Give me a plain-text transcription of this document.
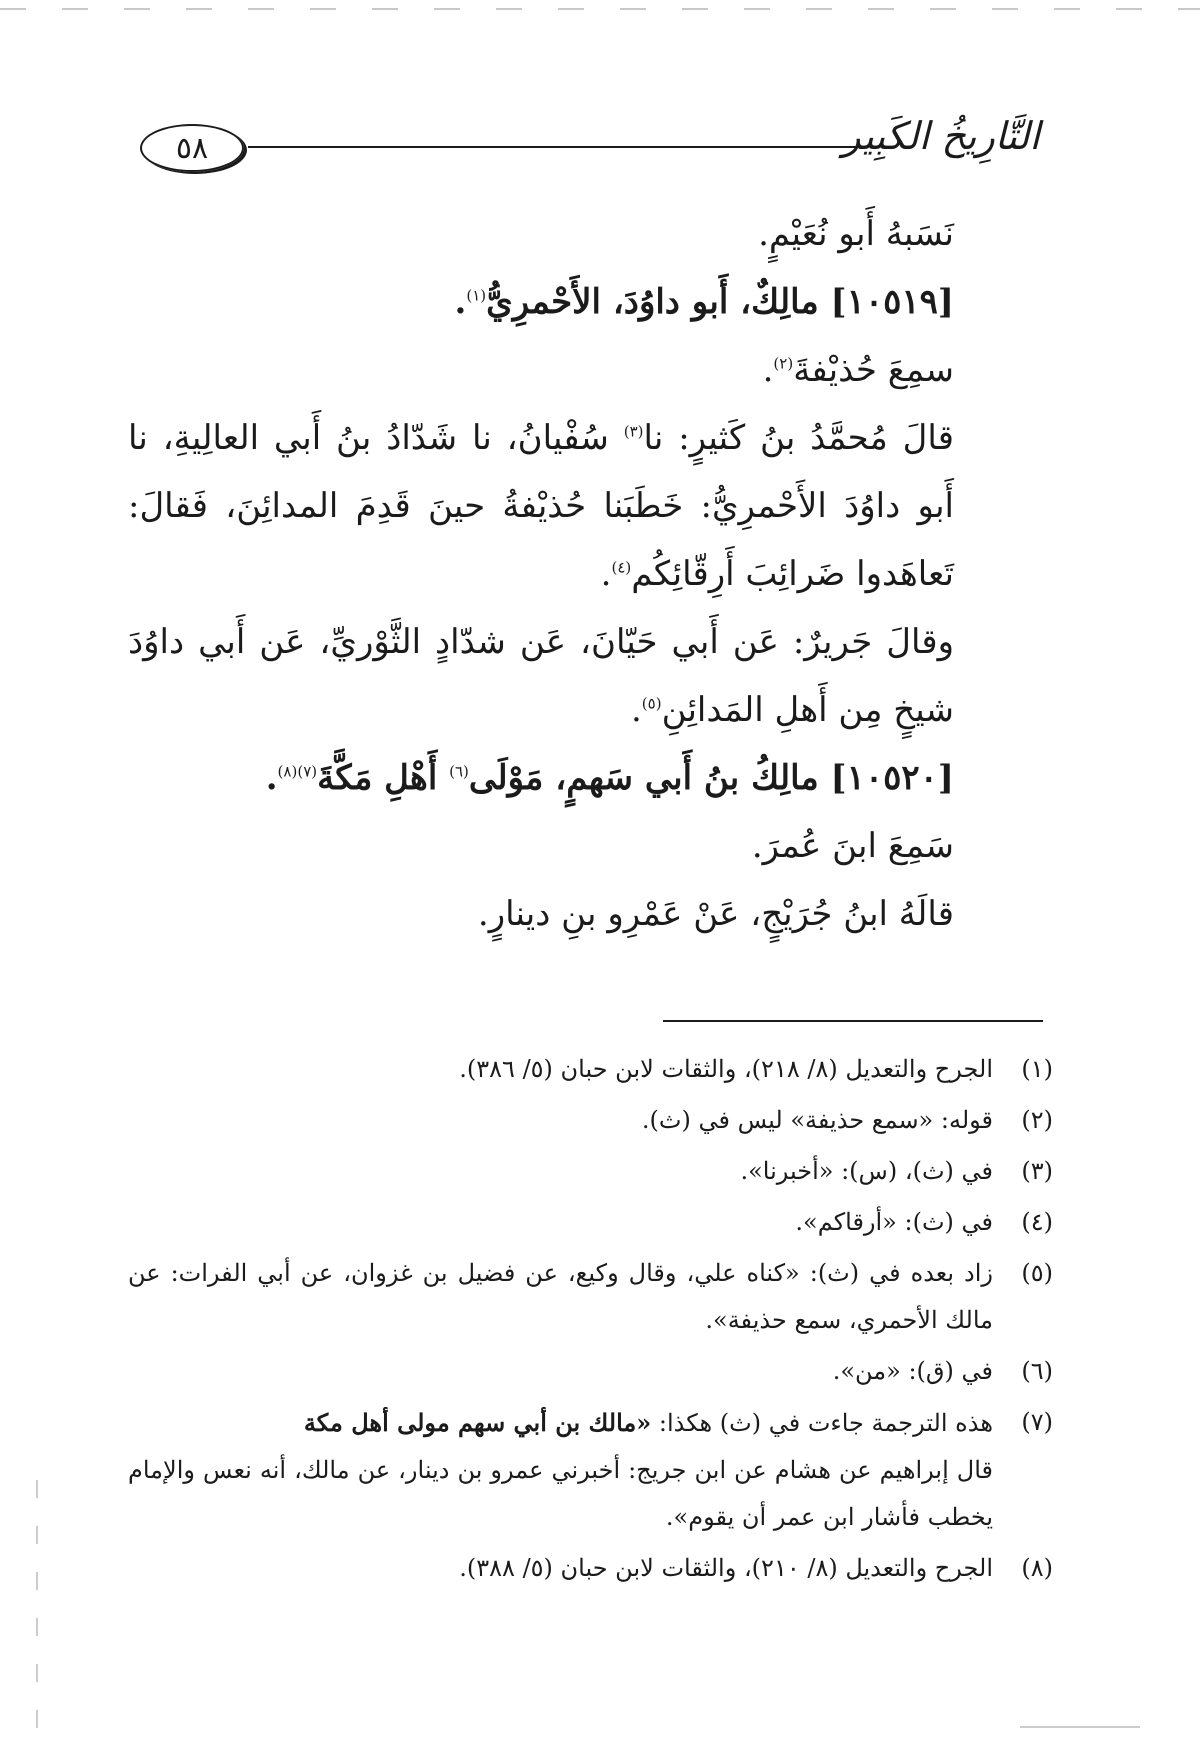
٥٨	التَّارِيخُ الكَبِير

نَسَبهُ أَبو نُعَيْمٍ.

[١٠٥١٩] مالِكٌ، أَبو داوُدَ، الأَحْمرِيُّ$^{(١)}$.

سمِعَ حُذيْفةَ$^{(٢)}$.

قالَ مُحمَّدُ بنُ كَثيرٍ: نا$^{(٣)}$ سُفْيانُ، نا شَدّادُ بنُ أَبي العالِيةِ، نا أَبو داوُدَ الأَحْمرِيُّ: خَطَبَنا حُذيْفةُ حينَ قَدِمَ المدائِنَ، فَقالَ: تَعاهَدوا ضَرائِبَ أَرِقّائِكُم$^{(٤)}$.

وقالَ جَريرٌ: عَن أَبي حَيّانَ، عَن شدّادٍ الثَّوْريِّ، عَن أَبي داوُدَ شيخٍ مِن أَهلِ المَدائِنِ$^{(٥)}$.

[١٠٥٢٠] مالِكُ بنُ أَبي سَهمٍ، مَوْلَى$^{(٦)}$ أَهْلِ مَكَّةَ$^{(٧)(٨)}$.

سَمِعَ ابنَ عُمرَ.

قالَهُ ابنُ جُرَيْجٍ، عَنْ عَمْرِو بنِ دينارٍ.

(١)
الجرح والتعديل (٨/ ٢١٨)، والثقات لابن حبان (٥/ ٣٨٦).
(٢)
قوله: «سمع حذيفة» ليس في (ث).
(٣)
في (ث)، (س): «أخبرنا».
(٤)
في (ث): «أرقاكم».
(٥)
زاد بعده في (ث): «كناه علي، وقال وكيع، عن فضيل بن غزوان، عن أبي الفرات: عن مالك الأحمري، سمع حذيفة».
(٦)
في (ق): «من».
(٧)
هذه الترجمة جاءت في (ث) هكذا: «مالك بن أبي سهم مولى أهل مكة
قال إبراهيم عن هشام عن ابن جريج: أخبرني عمرو بن دينار، عن مالك، أنه نعس والإمام يخطب فأشار ابن عمر أن يقوم».
(٨)
الجرح والتعديل (٨/ ٢١٠)، والثقات لابن حبان (٥/ ٣٨٨).
